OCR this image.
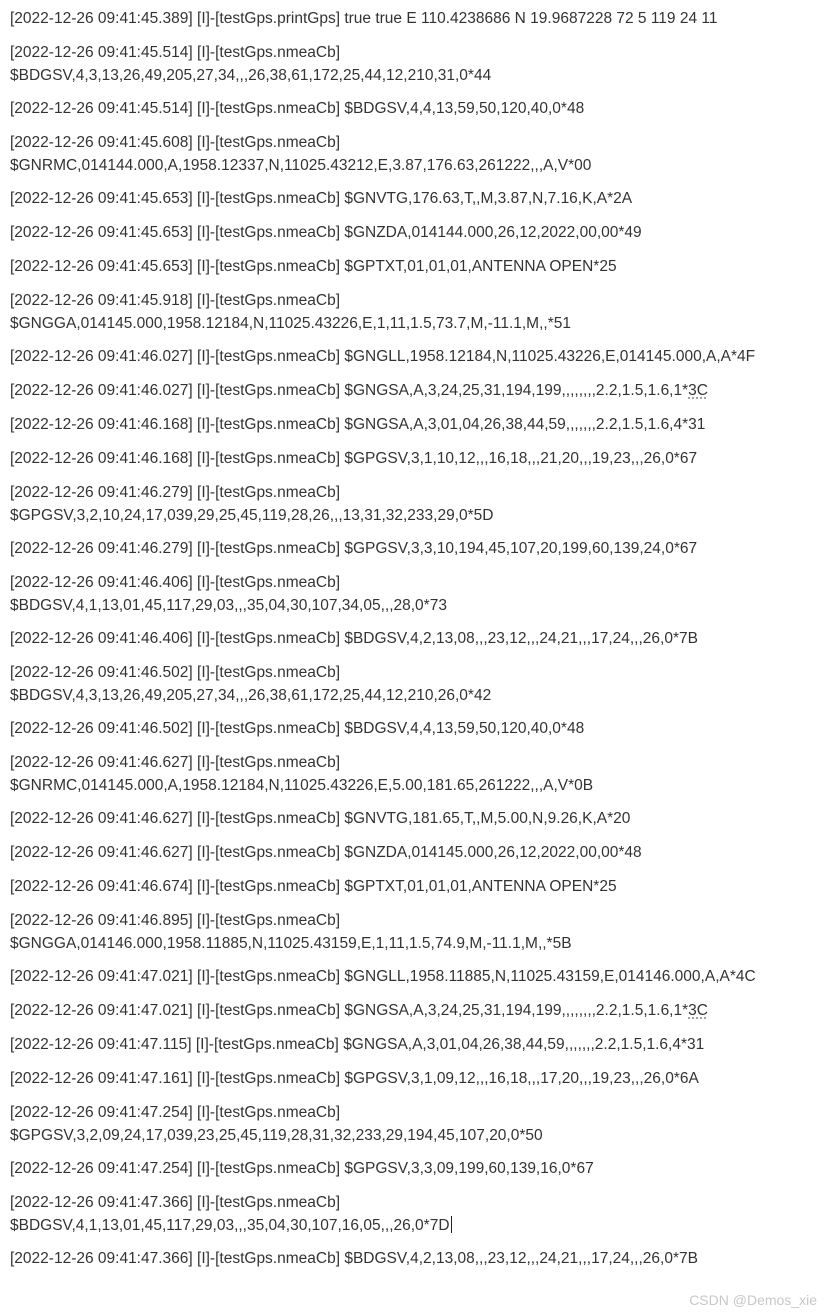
[2022-12-26 09:41:45.389] [I]-[testGps.printGps] true true E 110.4238686 N 19.9687228 72 5 119 24 11
[2022-12-26 09:41:45.514] [I]-[testGps.nmeaCb]
$BDGSV,4,3,13,26,49,205,27,34,,,26,38,61,172,25,44,12,210,31,0*44
[2022-12-26 09:41:45.514] [I]-[testGps.nmeaCb] $BDGSV,4,4,13,59,50,120,40,0*48
[2022-12-26 09:41:45.608] [I]-[testGps.nmeaCb]
$GNRMC,014144.000,A,1958.12337,N,11025.43212,E,3.87,176.63,261222,,,A,V*00
[2022-12-26 09:41:45.653] [I]-[testGps.nmeaCb] $GNVTG,176.63,T,,M,3.87,N,7.16,K,A*2A
[2022-12-26 09:41:45.653] [I]-[testGps.nmeaCb] $GNZDA,014144.000,26,12,2022,00,00*49
[2022-12-26 09:41:45.653] [I]-[testGps.nmeaCb] $GPTXT,01,01,01,ANTENNA OPEN*25
[2022-12-26 09:41:45.918] [I]-[testGps.nmeaCb]
$GNGGA,014145.000,1958.12184,N,11025.43226,E,1,11,1.5,73.7,M,-11.1,M,,*51
[2022-12-26 09:41:46.027] [I]-[testGps.nmeaCb] $GNGLL,1958.12184,N,11025.43226,E,014145.000,A,A*4F
[2022-12-26 09:41:46.027] [I]-[testGps.nmeaCb] $GNGSA,A,3,24,25,31,194,199,,,,,,,,2.2,1.5,1.6,1*3C
[2022-12-26 09:41:46.168] [I]-[testGps.nmeaCb] $GNGSA,A,3,01,04,26,38,44,59,,,,,,,2.2,1.5,1.6,4*31
[2022-12-26 09:41:46.168] [I]-[testGps.nmeaCb] $GPGSV,3,1,10,12,,,16,18,,,21,20,,,19,23,,,26,0*67
[2022-12-26 09:41:46.279] [I]-[testGps.nmeaCb]
$GPGSV,3,2,10,24,17,039,29,25,45,119,28,26,,,13,31,32,233,29,0*5D
[2022-12-26 09:41:46.279] [I]-[testGps.nmeaCb] $GPGSV,3,3,10,194,45,107,20,199,60,139,24,0*67
[2022-12-26 09:41:46.406] [I]-[testGps.nmeaCb]
$BDGSV,4,1,13,01,45,117,29,03,,,35,04,30,107,34,05,,,28,0*73
[2022-12-26 09:41:46.406] [I]-[testGps.nmeaCb] $BDGSV,4,2,13,08,,,23,12,,,24,21,,,17,24,,,26,0*7B
[2022-12-26 09:41:46.502] [I]-[testGps.nmeaCb]
$BDGSV,4,3,13,26,49,205,27,34,,,26,38,61,172,25,44,12,210,26,0*42
[2022-12-26 09:41:46.502] [I]-[testGps.nmeaCb] $BDGSV,4,4,13,59,50,120,40,0*48
[2022-12-26 09:41:46.627] [I]-[testGps.nmeaCb]
$GNRMC,014145.000,A,1958.12184,N,11025.43226,E,5.00,181.65,261222,,,A,V*0B
[2022-12-26 09:41:46.627] [I]-[testGps.nmeaCb] $GNVTG,181.65,T,,M,5.00,N,9.26,K,A*20
[2022-12-26 09:41:46.627] [I]-[testGps.nmeaCb] $GNZDA,014145.000,26,12,2022,00,00*48
[2022-12-26 09:41:46.674] [I]-[testGps.nmeaCb] $GPTXT,01,01,01,ANTENNA OPEN*25
[2022-12-26 09:41:46.895] [I]-[testGps.nmeaCb]
$GNGGA,014146.000,1958.11885,N,11025.43159,E,1,11,1.5,74.9,M,-11.1,M,,*5B
[2022-12-26 09:41:47.021] [I]-[testGps.nmeaCb] $GNGLL,1958.11885,N,11025.43159,E,014146.000,A,A*4C
[2022-12-26 09:41:47.021] [I]-[testGps.nmeaCb] $GNGSA,A,3,24,25,31,194,199,,,,,,,,2.2,1.5,1.6,1*3C
[2022-12-26 09:41:47.115] [I]-[testGps.nmeaCb] $GNGSA,A,3,01,04,26,38,44,59,,,,,,,2.2,1.5,1.6,4*31
[2022-12-26 09:41:47.161] [I]-[testGps.nmeaCb] $GPGSV,3,1,09,12,,,16,18,,,17,20,,,19,23,,,26,0*6A
[2022-12-26 09:41:47.254] [I]-[testGps.nmeaCb]
$GPGSV,3,2,09,24,17,039,23,25,45,119,28,31,32,233,29,194,45,107,20,0*50
[2022-12-26 09:41:47.254] [I]-[testGps.nmeaCb] $GPGSV,3,3,09,199,60,139,16,0*67
[2022-12-26 09:41:47.366] [I]-[testGps.nmeaCb]
$BDGSV,4,1,13,01,45,117,29,03,,,35,04,30,107,16,05,,,26,0*7D
[2022-12-26 09:41:47.366] [I]-[testGps.nmeaCb] $BDGSV,4,2,13,08,,,23,12,,,24,21,,,17,24,,,26,0*7B
CSDN @Demos_xie
